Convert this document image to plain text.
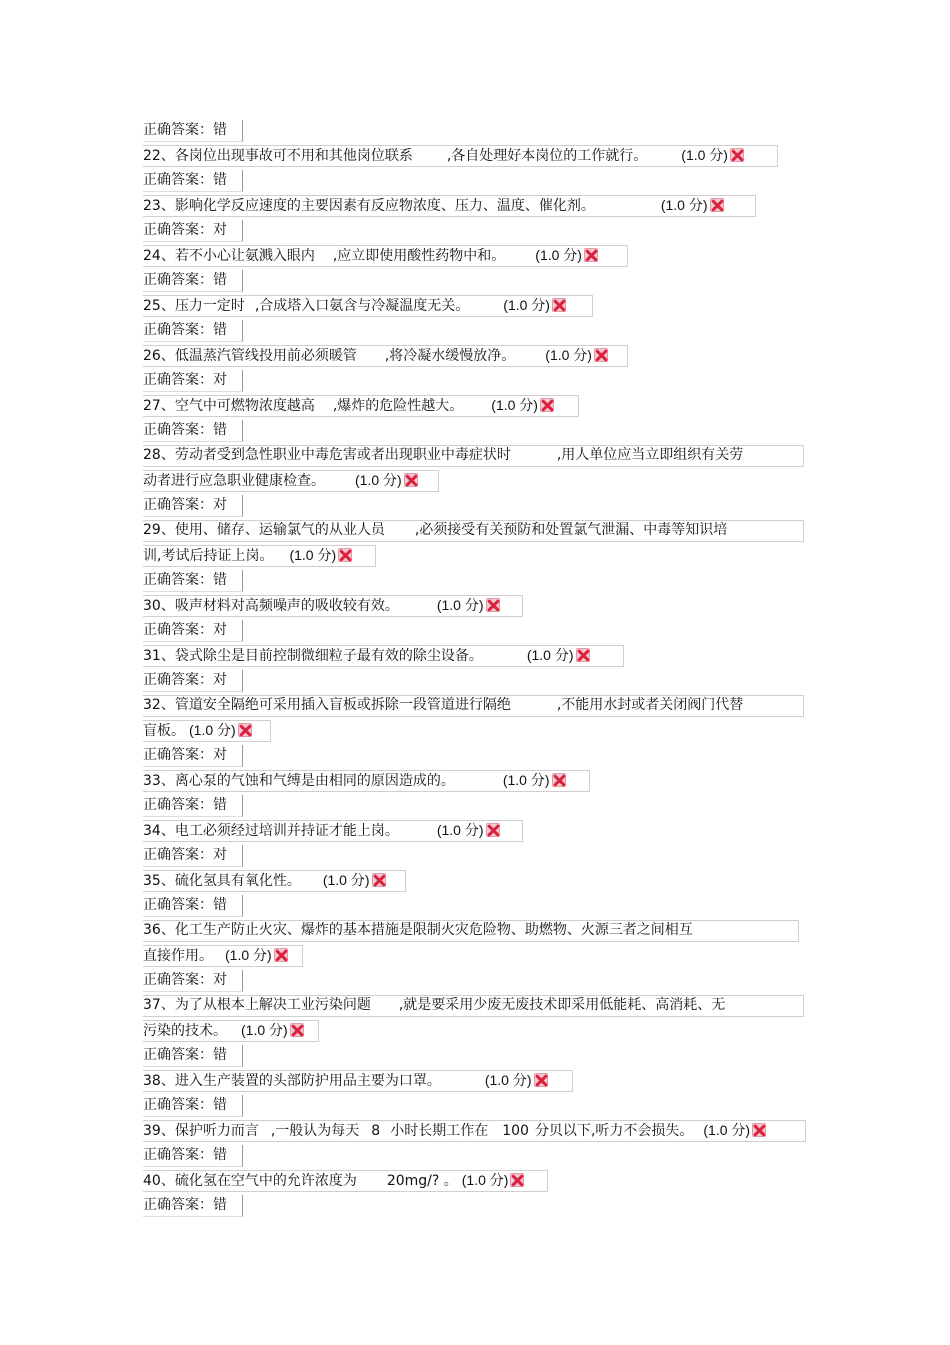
正确答案：错
22、各岗位出现事故可不用和其他岗位联系 ,各自处理好本岗位的工作就行。 (1.0 分)
正确答案：错
23、影响化学反应速度的主要因素有反应物浓度、压力、温度、催化剂。	(1.0 分)
正确答案：对
24、若不小心让氨溅入眼内 ,应立即使用酸性药物中和。 (1.0 分)
正确答案：错
25、压力一定时 ,合成塔入口氨含与冷凝温度无关。 (1.0 分)
正确答案：错
26、低温蒸汽管线投用前必须暖管 ,将冷凝水缓慢放净。 (1.0 分)
正确答案：对
27、空气中可燃物浓度越高 ,爆炸的危险性越大。 (1.0 分)
正确答案：错
28、劳动者受到急性职业中毒危害或者出现职业中毒症状时	,用人单位应当立即组织有关劳
动者进行应急职业健康检查。 (1.0 分)
正确答案：对
29、使用、储存、运输氯气的从业人员 ,必须接受有关预防和处置氯气泄漏、中毒等知识培
训,考试后持证上岗。 (1.0 分)
正确答案：错
30、吸声材料对高频噪声的吸收较有效。	(1.0 分)
正确答案：对
31、袋式除尘是目前控制微细粒子最有效的除尘设备。	(1.0 分)
正确答案：对
32、管道安全隔绝可采用插入盲板或拆除一段管道进行隔绝	,不能用水封或者关闭阀门代替
盲板。 (1.0 分)
正确答案：对
33、离心泵的气蚀和气缚是由相同的原因造成的。	(1.0 分)
正确答案：错
34、电工必须经过培训并持证才能上岗。	(1.0 分)
正确答案：对
35、硫化氢具有氧化性。 (1.0 分)
正确答案：错
36、化工生产防止火灾、爆炸的基本措施是限制火灾危险物、助燃物、火源三者之间相互
直接作用。 (1.0 分)
正确答案：对
37、为了从根本上解决工业污染问题 ,就是要采用少废无废技术即采用低能耗、高消耗、无
污染的技术。 (1.0 分)
正确答案：错
38、进入生产装置的头部防护用品主要为口罩。	(1.0 分)
正确答案：错
39、保护听力而言 ,一般认为每天 8 小时长期工作在 100 分贝以下,听力不会损失。 (1.0 分)
正确答案：错
40、硫化氢在空气中的允许浓度为 20mg/? 。 (1.0 分)
正确答案：错
